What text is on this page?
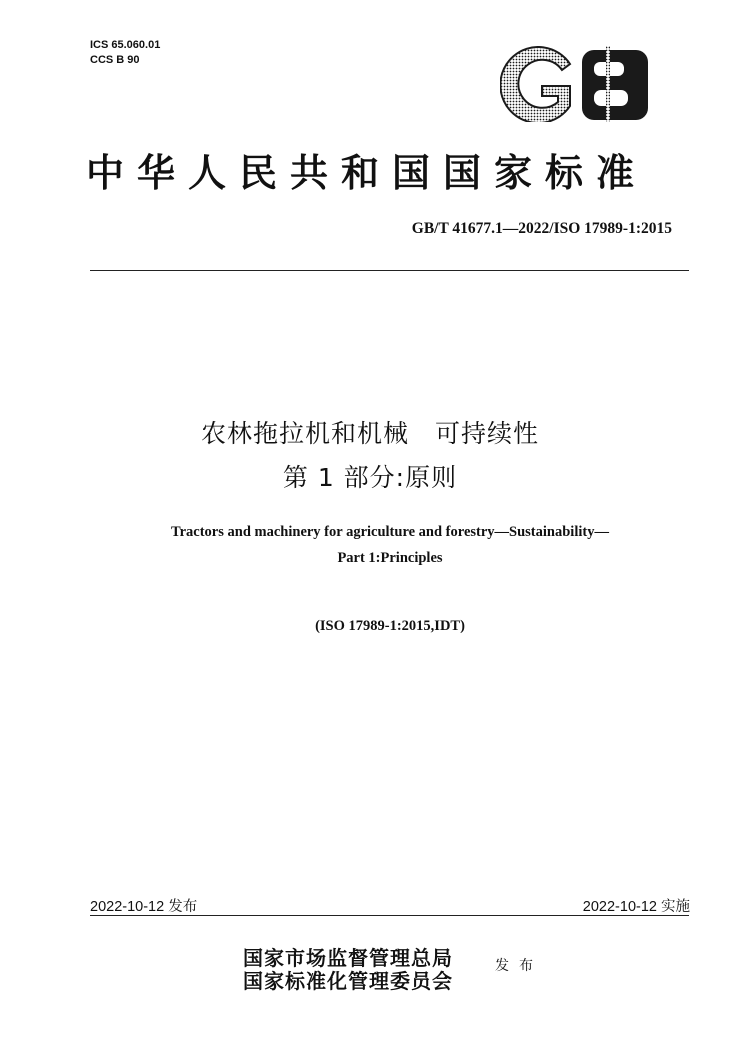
ICS 65.060.01
CCS B 90
GB
中华人民共和国国家标准
GB/T 41677.1—2022/ISO 17989-1:2015
农林拖拉机和机械　可持续性
第 1 部分:原则
Tractors and machinery for agriculture and forestry—Sustainability—
Part 1:Principles
(ISO 17989-1:2015,IDT)
2022-10-12 发布	2022-10-12 实施
国家市场监督管理总局
国家标准化管理委员会
发布
